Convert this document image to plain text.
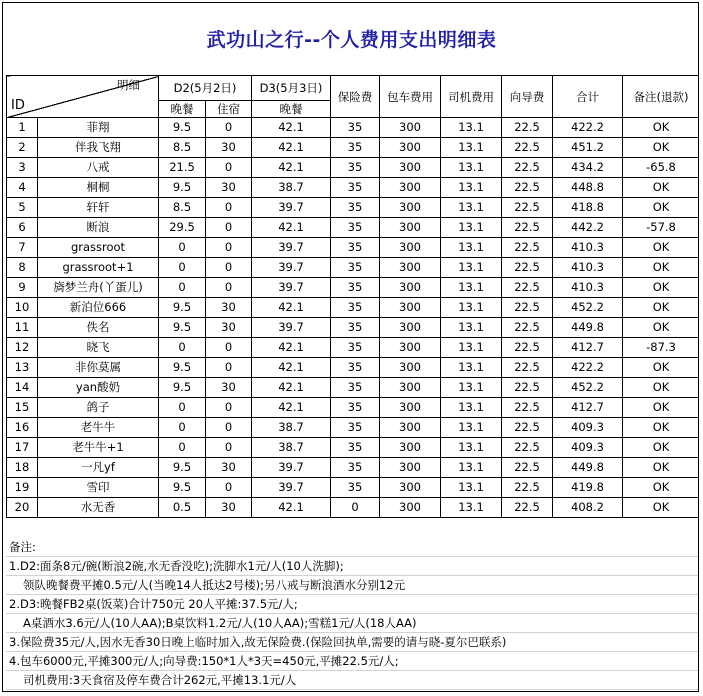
武功山之行--个人费用支出明细表
明细
ID		D2(5月2日)		D3(5月3日)	保险费	包车费用	司机费用	向导费	合计	备注(退款)
		晚餐	住宿	晚餐						
1	菲翔	9.5	0	42.1	35	300	13.1	22.5	422.2	OK
2	伴我飞翔	8.5	30	42.1	35	300	13.1	22.5	451.2	OK
3	八戒	21.5	0	42.1	35	300	13.1	22.5	434.2	-65.8
4	桐桐	9.5	30	38.7	35	300	13.1	22.5	448.8	OK
5	轩轩	8.5	0	39.7	35	300	13.1	22.5	418.8	OK
6	断浪	29.5	0	42.1	35	300	13.1	22.5	442.2	-57.8
7	grassroot	0	0	39.7	35	300	13.1	22.5	410.3	OK
8	grassroot+1	0	0	39.7	35	300	13.1	22.5	410.3	OK
9	旖梦兰舟(丫蛋儿)	0	0	39.7	35	300	13.1	22.5	410.3	OK
10	新泊位666	9.5	30	42.1	35	300	13.1	22.5	452.2	OK
11	佚名	9.5	30	39.7	35	300	13.1	22.5	449.8	OK
12	晓飞	0	0	42.1	35	300	13.1	22.5	412.7	-87.3
13	非你莫属	9.5	0	42.1	35	300	13.1	22.5	422.2	OK
14	yan酸奶	9.5	30	42.1	35	300	13.1	22.5	452.2	OK
15	鸽子	0	0	42.1	35	300	13.1	22.5	412.7	OK
16	老牛牛	0	0	38.7	35	300	13.1	22.5	409.3	OK
17	老牛牛+1	0	0	38.7	35	300	13.1	22.5	409.3	OK
18	一凡yf	9.5	30	39.7	35	300	13.1	22.5	449.8	OK
19	雪印	9.5	0	39.7	35	300	13.1	22.5	419.8	OK
20	水无香	0.5	30	42.1	0	300	13.1	22.5	408.2	OK
备注:
1.D2:面条8元/碗(断浪2碗,水无香没吃);洗脚水1元/人(10人洗脚);
领队晚餐费平摊0.5元/人(当晚14人抵达2号楼);另八戒与断浪酒水分别12元
2.D3:晚餐FB2桌(饭菜)合计750元 20人平摊:37.5元/人;
A桌酒水3.6元/人(10人AA);B桌饮料1.2元/人(10人AA);雪糕1元/人(18人AA)
3.保险费35元/人,因水无香30日晚上临时加入,故无保险费.(保险回执单,需要的请与晓-夏尔巴联系)
4.包车6000元,平摊300元/人;向导费:150*1人*3天=450元,平摊22.5元/人;
司机费用:3天食宿及停车费合计262元,平摊13.1元/人
